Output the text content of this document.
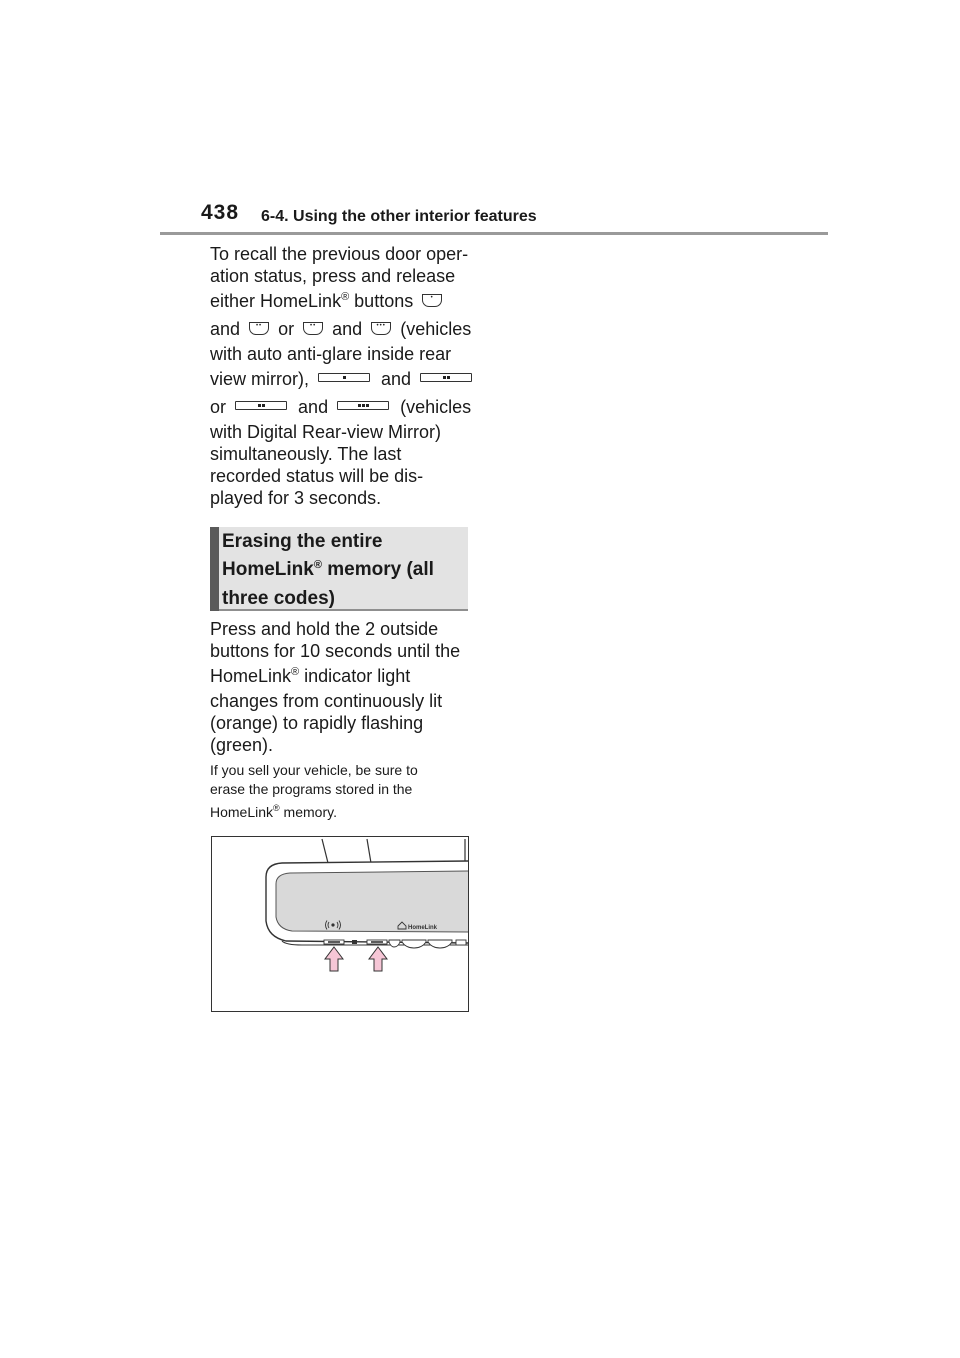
438 6-4. Using the other interior features

To recall the previous door oper-
ation status, press and release
either HomeLink® buttons	•
and	•• or	•• and	••• (vehicles
with auto anti-glare inside rear
view mirror),	and
or	and	(vehicles
with Digital Rear-view Mirror)
simultaneously. The last
recorded status will be dis-
played for 3 seconds.

Erasing the entire
HomeLink® memory (all
three codes)

Press and hold the 2 outside
buttons for 10 seconds until the
HomeLink® indicator light
changes from continuously lit
(orange) to rapidly flashing
(green).

If you sell your vehicle, be sure to
erase the programs stored in the
HomeLink® memory.
HomeLink
